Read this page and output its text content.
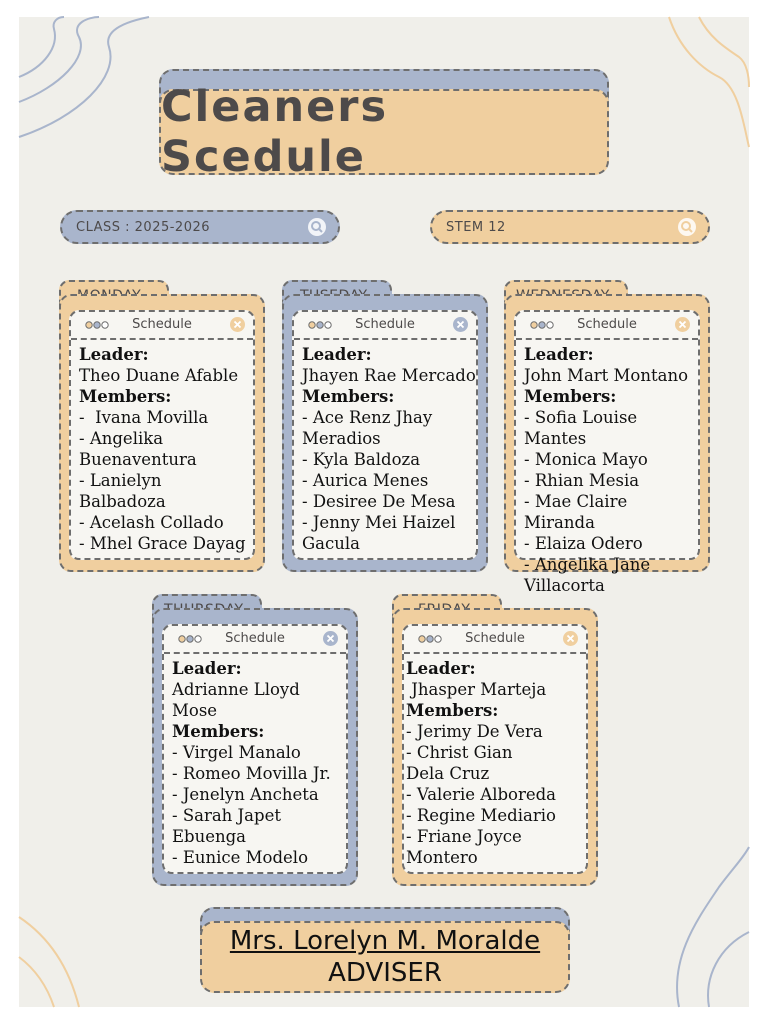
Cleaners Scedule
CLASS : 2025-2026	STEM 12
Schedule
Leader:
Theo Duane Afable
Members:
-  Ivana Movilla
- Angelika
Buenaventura
- Lanielyn Balbadoza
- Acelash Collado
- Mhel Grace Dayag
Schedule
Leader:
Jhayen Rae Mercado
Members:
- Ace Renz Jhay
Meradios
- Kyla Baldoza
- Aurica Menes
- Desiree De Mesa
- Jenny Mei Haizel
Gacula
Schedule
Leader:
John Mart Montano
Members:
- Sofia Louise Mantes
- Monica Mayo
- Rhian Mesia
- Mae Claire Miranda
- Elaiza Odero
- Angelika Jane
Villacorta
Schedule
Leader:
Adrianne Lloyd Mose
Members:
- Virgel Manalo
- Romeo Movilla Jr.
- Jenelyn Ancheta
- Sarah Japet Ebuenga
- Eunice Modelo
Schedule
Leader:
Jhasper Marteja
Members:
- Jerimy De Vera
- Christ Gian
Dela Cruz
- Valerie Alboreda
- Regine Mediario
- Friane Joyce Montero
Mrs. Lorelyn M. Moralde
ADVISER
